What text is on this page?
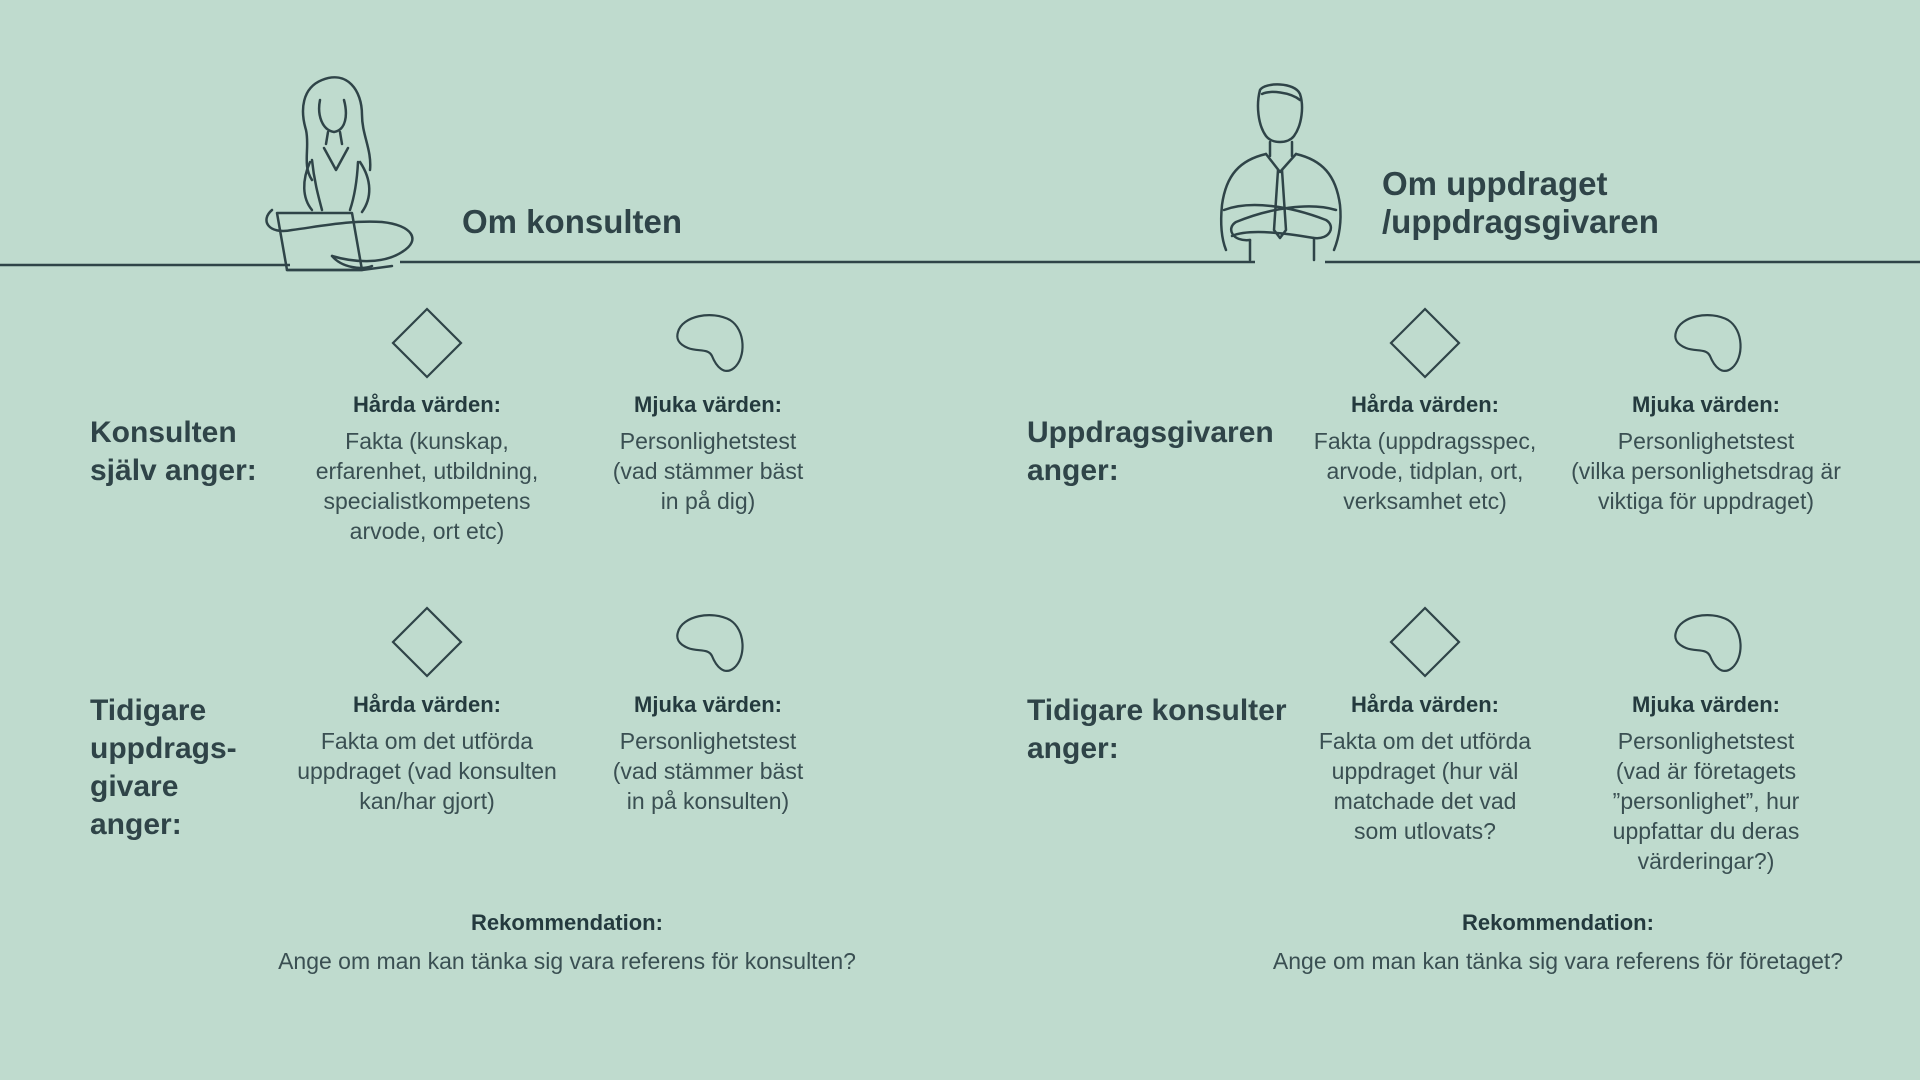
Om konsulten
Om uppdraget
/uppdragsgivaren
Konsulten
själv anger:
Hårda värden:
Fakta (kunskap,
erfarenhet, utbildning,
specialistkompetens
arvode, ort etc)
Mjuka värden:
Personlighetstest
(vad stämmer bäst
in på dig)
Tidigare
uppdrags-
givare
anger:
Hårda värden:
Fakta om det utförda
uppdraget (vad konsulten
kan/har gjort)
Mjuka värden:
Personlighetstest
(vad stämmer bäst
in på konsulten)
Rekommendation:
Ange om man kan tänka sig vara referens för konsulten?
Uppdragsgivaren
anger:
Hårda värden:
Fakta (uppdragsspec,
arvode, tidplan, ort,
verksamhet etc)
Mjuka värden:
Personlighetstest
(vilka personlighetsdrag är
viktiga för uppdraget)
Tidigare konsulter
anger:
Hårda värden:
Fakta om det utförda
uppdraget (hur väl
matchade det vad
som utlovats?
Mjuka värden:
Personlighetstest
(vad är företagets
”personlighet”, hur
uppfattar du deras
värderingar?)
Rekommendation:
Ange om man kan tänka sig vara referens för företaget?
